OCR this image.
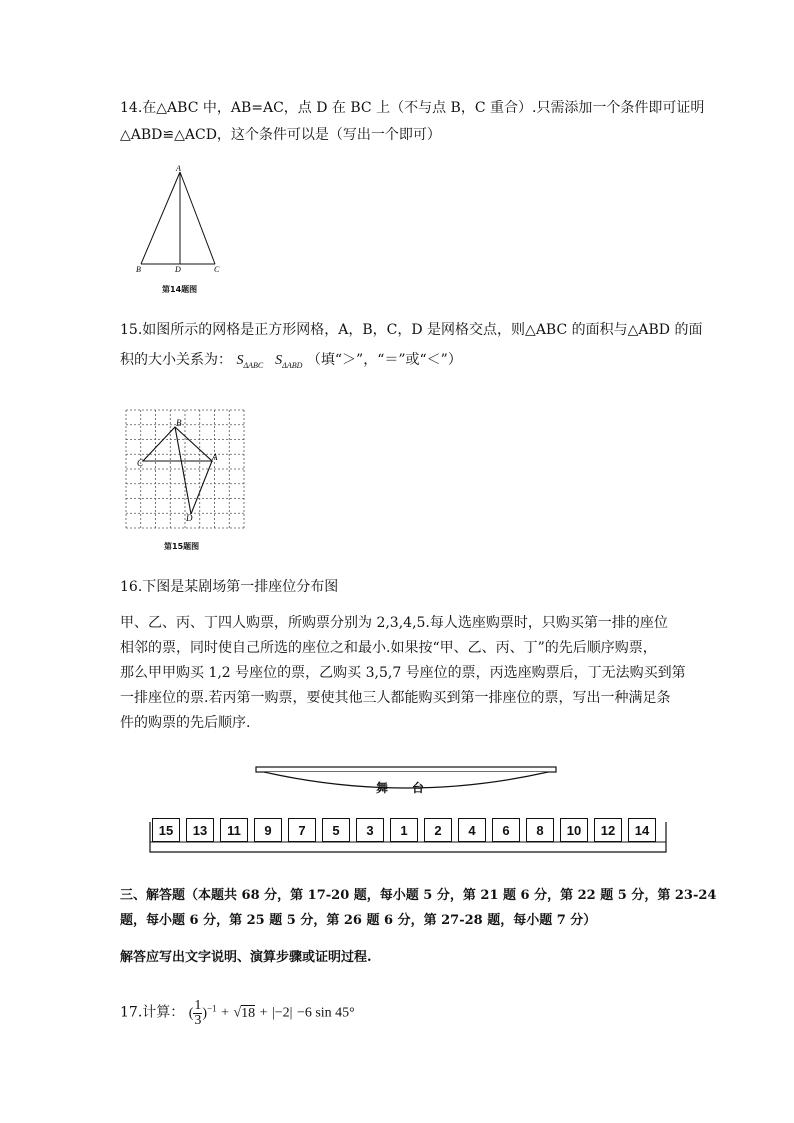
14.在△ABC 中，AB=AC，点 D 在 BC 上（不与点 B，C 重合）.只需添加一个条件即可证明
△ABD≌△ACD，这个条件可以是（写出一个即可）
A
B	D	C
第14题图
15.如图所示的网格是正方形网格，A，B，C，D 是网格交点，则△ABC 的面积与△ABD 的面
积的大小关系为： $S_{\Delta ABC}$ $S_{\Delta ABD}$ （填“＞”，“＝”或“＜”）
B
C
A
D
第15题图
16.下图是某剧场第一排座位分布图
甲、乙、丙、丁四人购票，所购票分别为 2,3,4,5.每人选座购票时，只购买第一排的座位
相邻的票，同时使自己所选的座位之和最小.如果按“甲、乙、丙、丁”的先后顺序购票，
那么甲甲购买 1,2 号座位的票，乙购买 3,5,7 号座位的票，丙选座购票后，丁无法购买到第
一排座位的票.若丙第一购票，要使其他三人都能购买到第一排座位的票，写出一种满足条
件的购票的先后顺序.
舞　　台
15	13	11	9	7	5	3	1	2	4	6	8	10	12	14
三、解答题（本题共 68 分，第 17-20 题，每小题 5 分，第 21 题 6 分，第 22 题 5 分，第 23-24
题，每小题 6 分，第 25 题 5 分，第 26 题 6 分，第 27-28 题，每小题 7 分）
解答应写出文字说明、演算步骤或证明过程.
17.计算： ( $\frac{1}{3} )^{-1} + √18 + |-2| -6$ sin 45°
